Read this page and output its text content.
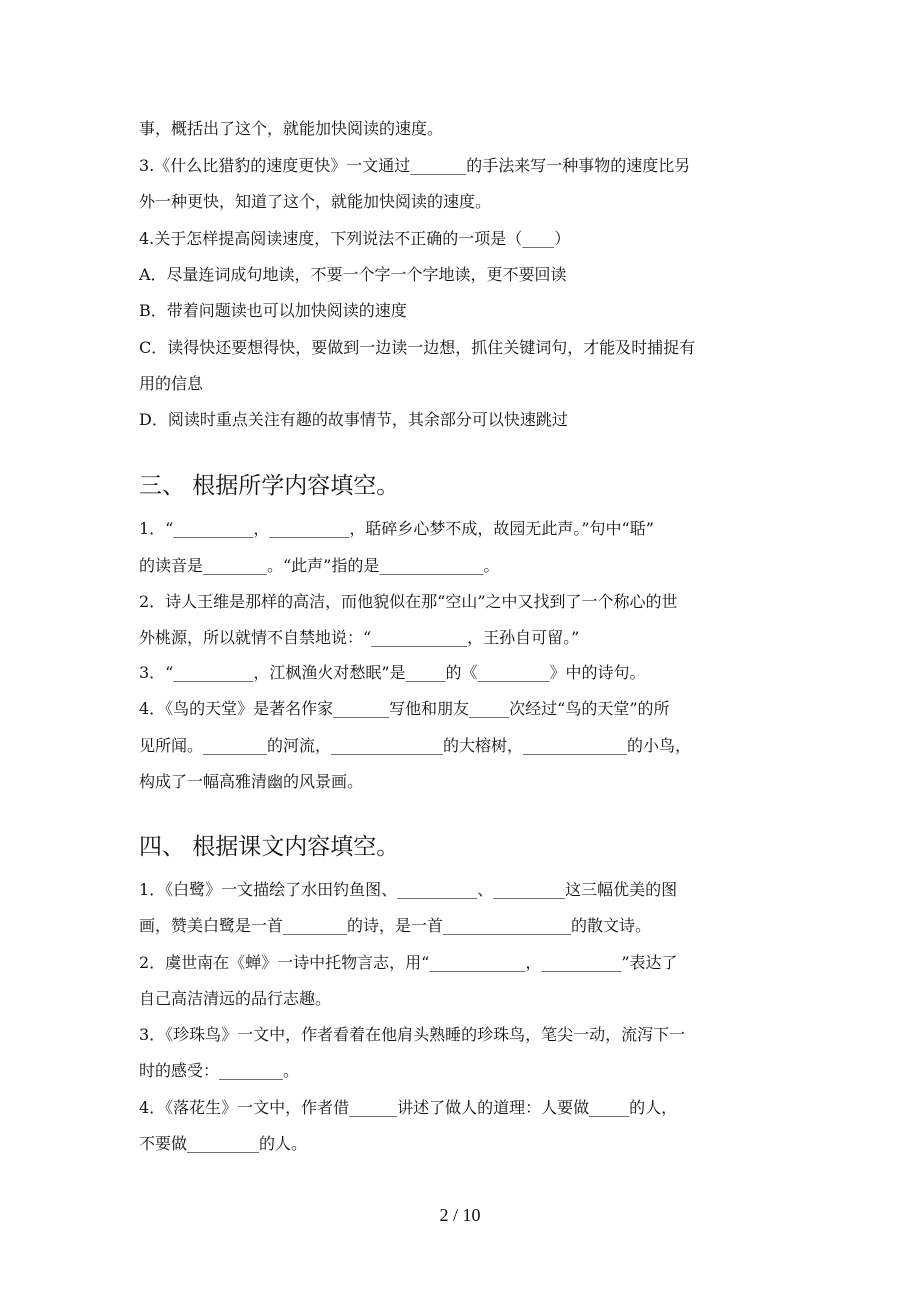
事，概括出了这个，就能加快阅读的速度。
3.《什么比猎豹的速度更快》一文通过_______的手法来写一种事物的速度比另
外一种更快，知道了这个，就能加快阅读的速度。
4.关于怎样提高阅读速度，下列说法不正确的一项是（____）
A．尽量连词成句地读，不要一个字一个字地读，更不要回读
B．带着问题读也可以加快阅读的速度
C．读得快还要想得快，要做到一边读一边想，抓住关键词句，才能及时捕捉有
用的信息
D．阅读时重点关注有趣的故事情节，其余部分可以快速跳过
三、 根据所学内容填空。
1．“__________，__________，聒碎乡心梦不成，故园无此声。”句中“聒”
的读音是________。“此声”指的是_____________。
2．诗人王维是那样的高洁，而他貌似在那“空山”之中又找到了一个称心的世
外桃源，所以就情不自禁地说：“____________，王孙自可留。”
3．“__________，江枫渔火对愁眠”是_____的《_________》中的诗句。
4．《鸟的天堂》是著名作家_______写他和朋友_____次经过“鸟的天堂”的所
见所闻。________的河流，______________的大榕树，_____________的小鸟，
构成了一幅高雅清幽的风景画。
四、 根据课文内容填空。
1．《白鹭》一文描绘了水田钓鱼图、__________、_________这三幅优美的图
画，赞美白鹭是一首________的诗，是一首________________的散文诗。
2．虞世南在《蝉》一诗中托物言志，用“____________，__________”表达了
自己高洁清远的品行志趣。
3．《珍珠鸟》一文中，作者看着在他肩头熟睡的珍珠鸟，笔尖一动，流泻下一
时的感受：________。
4．《落花生》一文中，作者借______讲述了做人的道理：人要做_____的人，
不要做_________的人。
2 / 10
